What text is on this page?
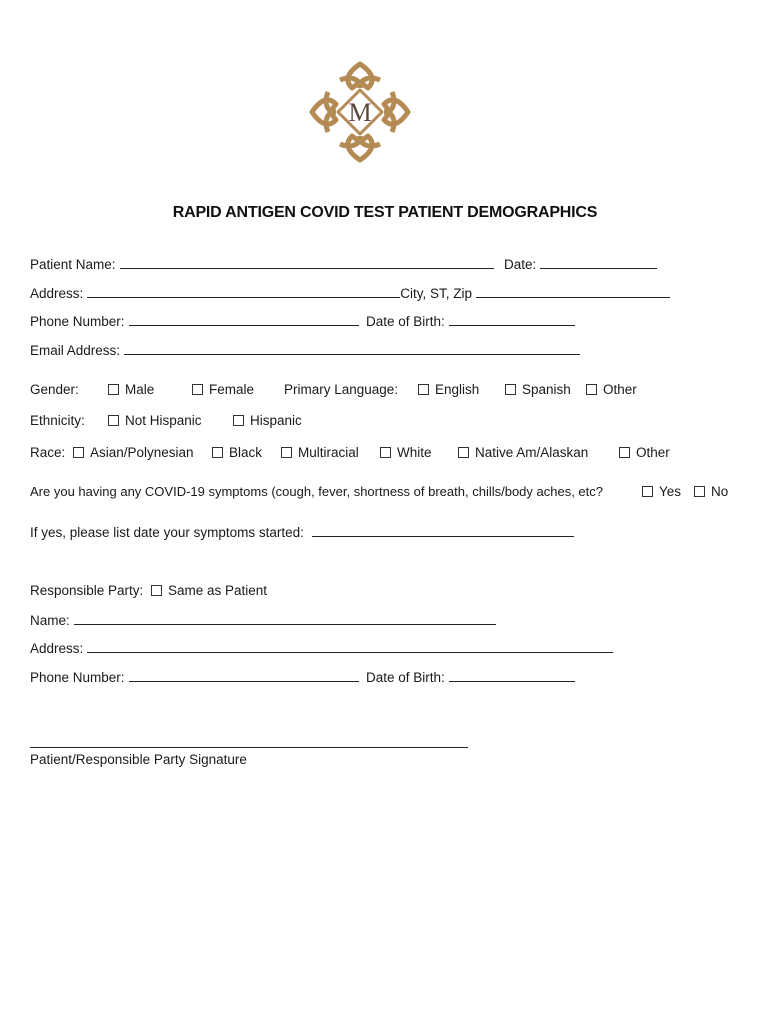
M
RAPID ANTIGEN COVID TEST PATIENT DEMOGRAPHICS
Patient Name:	Date:
Address:	City, ST, Zip
Phone Number:	Date of Birth:
Email Address:
Gender:	Male	Female Primary Language:	English	Spanish Other
Ethnicity:	Not Hispanic	Hispanic
Race: Asian/Polynesian	Black	Multiracial	White	Native Am/Alaskan	Other
Are you having any COVID-19 symptoms (cough, fever, shortness of breath, chills/body aches, etc?	Yes No
If yes, please list date your symptoms started:
Responsible Party: Same as Patient
Name:
Address:
Phone Number:	Date of Birth:
Patient/Responsible Party Signature
